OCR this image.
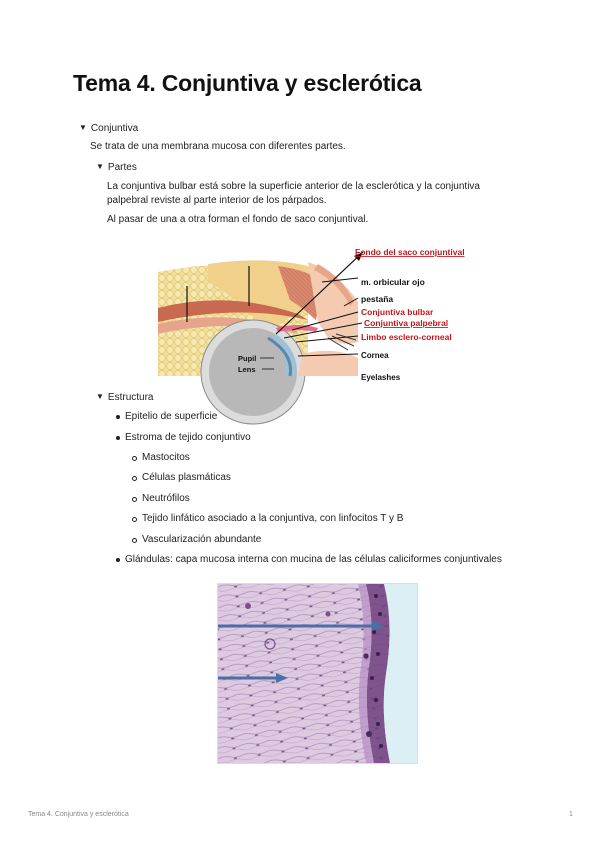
Tema 4. Conjuntiva y esclerótica
▼ Conjuntiva
Se trata de una membrana mucosa con diferentes partes.
▼ Partes
La conjuntiva bulbar está sobre la superficie anterior de la esclerótica y la conjuntiva
palpebral reviste al parte interior de los párpados.
Al pasar de una a otra forman el fondo de saco conjuntival.
Fondo del saco conjuntival
m. orbicular ojo
pestaña
Conjuntiva bulbar
Conjuntiva palpebral
Limbo esclero-corneal
Cornea
Eyelashes
Pupil
Lens
▼ Estructura
Epitelio de superficie
Estroma de tejido conjuntivo
Mastocitos
Células plasmáticas
Neutrófilos
Tejido linfático asociado a la conjuntiva, con linfocitos T y B
Vascularización abundante
Glándulas: capa mucosa interna con mucina de las células caliciformes conjuntivales
Tema 4. Conjuntiva y esclerótica	1
